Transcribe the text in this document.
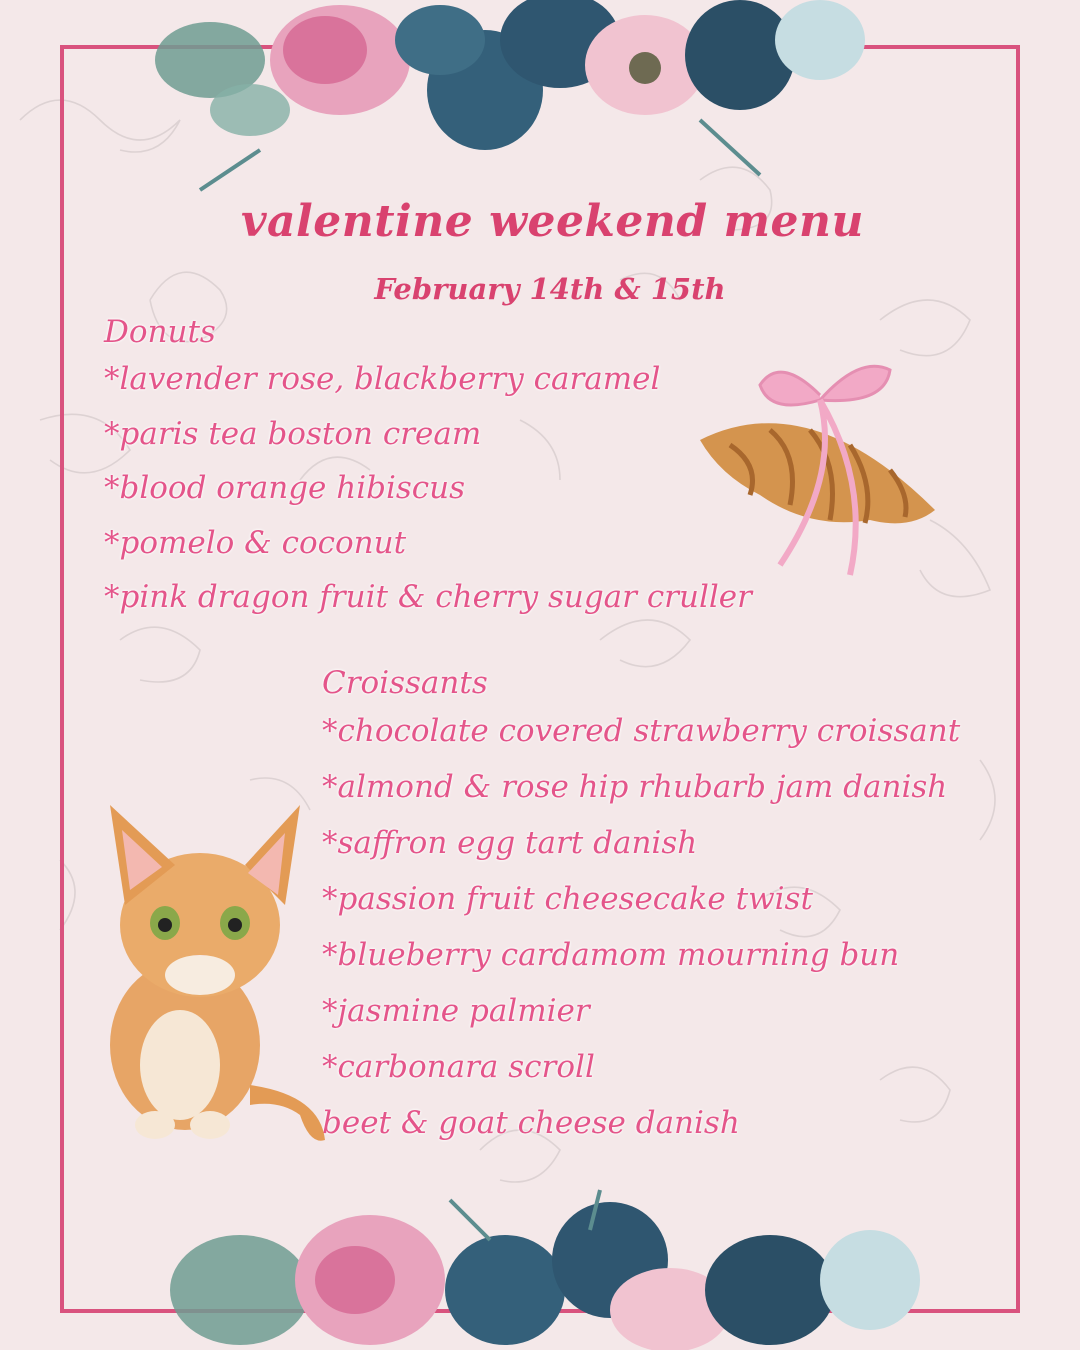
valentine weekend menu
February 14th & 15th
Donuts
*lavender rose, blackberry caramel
*paris tea boston cream
*blood orange hibiscus
*pomelo & coconut
*pink dragon fruit & cherry sugar cruller
Croissants
*chocolate covered strawberry croissant
*almond & rose hip rhubarb jam danish
*saffron egg tart danish
*passion fruit cheesecake twist
*blueberry cardamom mourning bun
*jasmine palmier
*carbonara scroll
beet & goat cheese danish
